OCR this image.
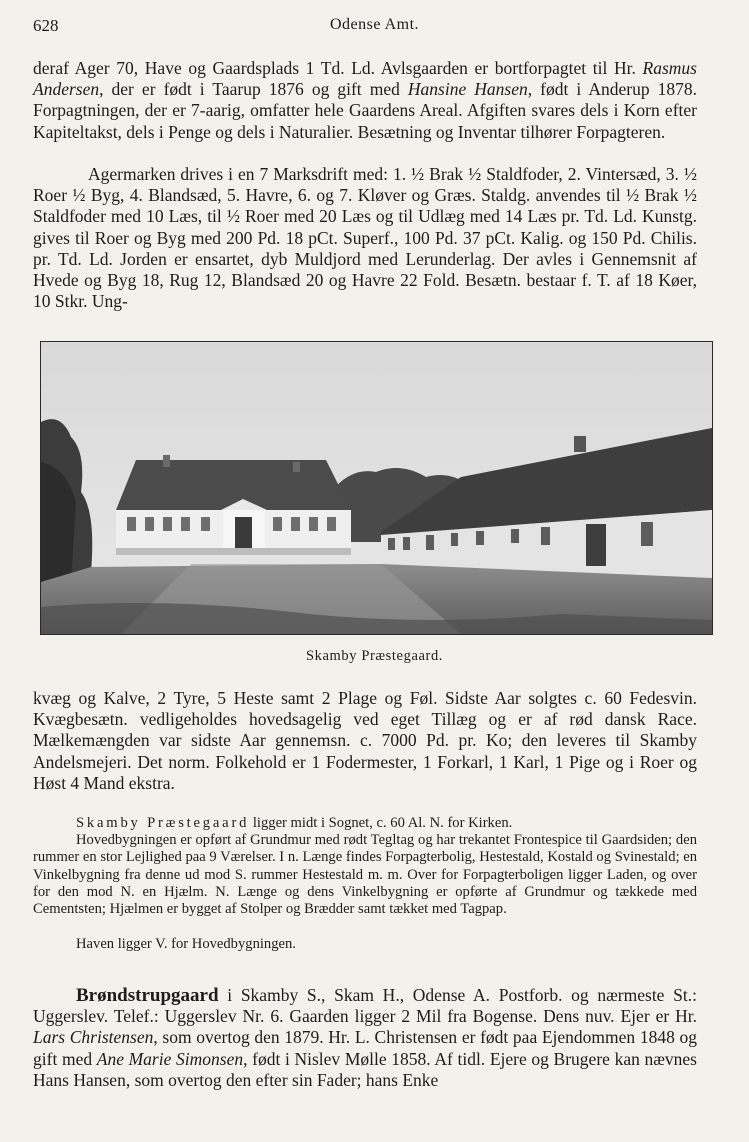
628	Odense Amt.

deraf Ager 70, Have og Gaardsplads 1 Td. Ld. Avlsgaarden er bortforpagtet til Hr. Rasmus Andersen, der er født i Taarup 1876 og gift med Hansine Hansen, født i Anderup 1878. Forpagtningen, der er 7-aarig, omfatter hele Gaardens Areal. Afgiften svares dels i Korn efter Kapiteltakst, dels i Penge og dels i Naturalier. Besætning og Inventar tilhører Forpagteren.

Agermarken drives i en 7 Marksdrift med: 1. ½ Brak ½ Staldfoder, 2. Vintersæd, 3. ½ Roer ½ Byg, 4. Blandsæd, 5. Havre, 6. og 7. Kløver og Græs. Staldg. anvendes til ½ Brak ½ Staldfoder med 10 Læs, til ½ Roer med 20 Læs og til Udlæg med 14 Læs pr. Td. Ld. Kunstg. gives til Roer og Byg med 200 Pd. 18 pCt. Superf., 100 Pd. 37 pCt. Kalig. og 150 Pd. Chilis. pr. Td. Ld. Jorden er ensartet, dyb Muldjord med Lerunderlag. Der avles i Gennemsnit af Hvede og Byg 18, Rug 12, Blandsæd 20 og Havre 22 Fold. Besætn. bestaar f. T. af 18 Køer, 10 Stkr. Ung-

Skamby Præstegaard.

kvæg og Kalve, 2 Tyre, 5 Heste samt 2 Plage og Føl. Sidste Aar solgtes c. 60 Fedesvin. Kvægbesætn. vedligeholdes hovedsagelig ved eget Tillæg og er af rød dansk Race. Mælkemængden var sidste Aar gennemsn. c. 7000 Pd. pr. Ko; den leveres til Skamby Andelsmejeri. Det norm. Folkehold er 1 Fodermester, 1 Forkarl, 1 Karl, 1 Pige og i Roer og Høst 4 Mand ekstra.

Skamby Præstegaard ligger midt i Sognet, c. 60 Al. N. for Kirken.

Hovedbygningen er opført af Grundmur med rødt Tegltag og har trekantet Frontespice til Gaardsiden; den rummer en stor Lejlighed paa 9 Værelser. I n. Længe findes Forpagterbolig, Hestestald, Kostald og Svinestald; en Vinkelbygning fra denne ud mod S. rummer Hestestald m. m. Over for Forpagterboligen ligger Laden, og over for den mod N. en Hjælm. N. Længe og dens Vinkelbygning er opførte af Grundmur og tækkede med Cementsten; Hjælmen er bygget af Stolper og Brædder samt tækket med Tagpap.

Haven ligger V. for Hovedbygningen.

Brøndstrupgaard i Skamby S., Skam H., Odense A. Postforb. og nærmeste St.: Uggerslev. Telef.: Uggerslev Nr. 6. Gaarden ligger 2 Mil fra Bogense. Dens nuv. Ejer er Hr. Lars Christensen, som overtog den 1879. Hr. L. Christensen er født paa Ejendommen 1848 og gift med Ane Marie Simonsen, født i Nislev Mølle 1858. Af tidl. Ejere og Brugere kan nævnes Hans Hansen, som overtog den efter sin Fader; hans Enke
